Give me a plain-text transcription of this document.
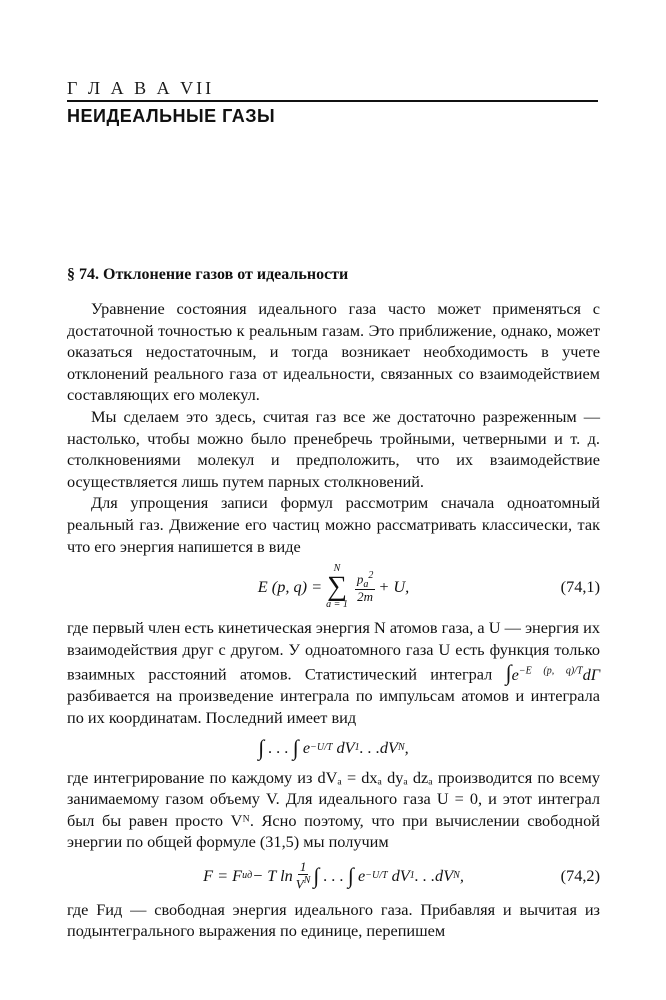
Г Л А В А VII
НЕИДЕАЛЬНЫЕ ГАЗЫ
§ 74. Отклонение газов от идеальности

Уравнение состояния идеального газа часто может применяться с достаточной точностью к реальным газам. Это приближение, однако, может оказаться недостаточным, и тогда возникает необходимость в учете отклонений реального газа от идеальности, связанных со взаимодействием составляющих его молекул.

Мы сделаем это здесь, считая газ все же достаточно разреженным — настолько, чтобы можно было пренебречь тройными, четверными и т. д. столкновениями молекул и предположить, что их взаимодействие осуществляется лишь путем парных столкновений.

Для упрощения записи формул рассмотрим сначала одноатомный реальный газ. Движение его частиц можно рассматривать классически, так что его энергия напишется в виде

E (p, q) =
N
∑
$a = 1 \frac{p_a^2}{2m} + U$,	(74,1)

где первый член есть кинетическая энергия N атомов газа, а U — энергия их взаимодействия друг с другом. У одноатомного газа U есть функция только взаимных расстояний атомов. Статистический интеграл $\int e^{-E (p, q)/T}d\Gamma$ разбивается на произведение интеграла по импульсам атомов и интеграла по их координатам. Последний имеет вид

∫ . . . ∫ e −U/T dV 1 . . .dV N ,

где интегрирование по каждому из dVₐ = dxₐ dyₐ dzₐ производится по всему занимаемому газом объему V. Для идеального газа U = 0, и этот интеграл был бы равен просто Vᴺ. Ясно поэтому, что при вычислении свободной энергии по общей формуле (31,5) мы получим

F = F ид − T $\ln \frac{1}{V^N}$ ∫ . . . ∫ e −U/T dV 1 . . .dV N ,	(74,2)

где Fид — свободная энергия идеального газа. Прибавляя и вычитая из подынтегрального выражения по единице, перепишем
